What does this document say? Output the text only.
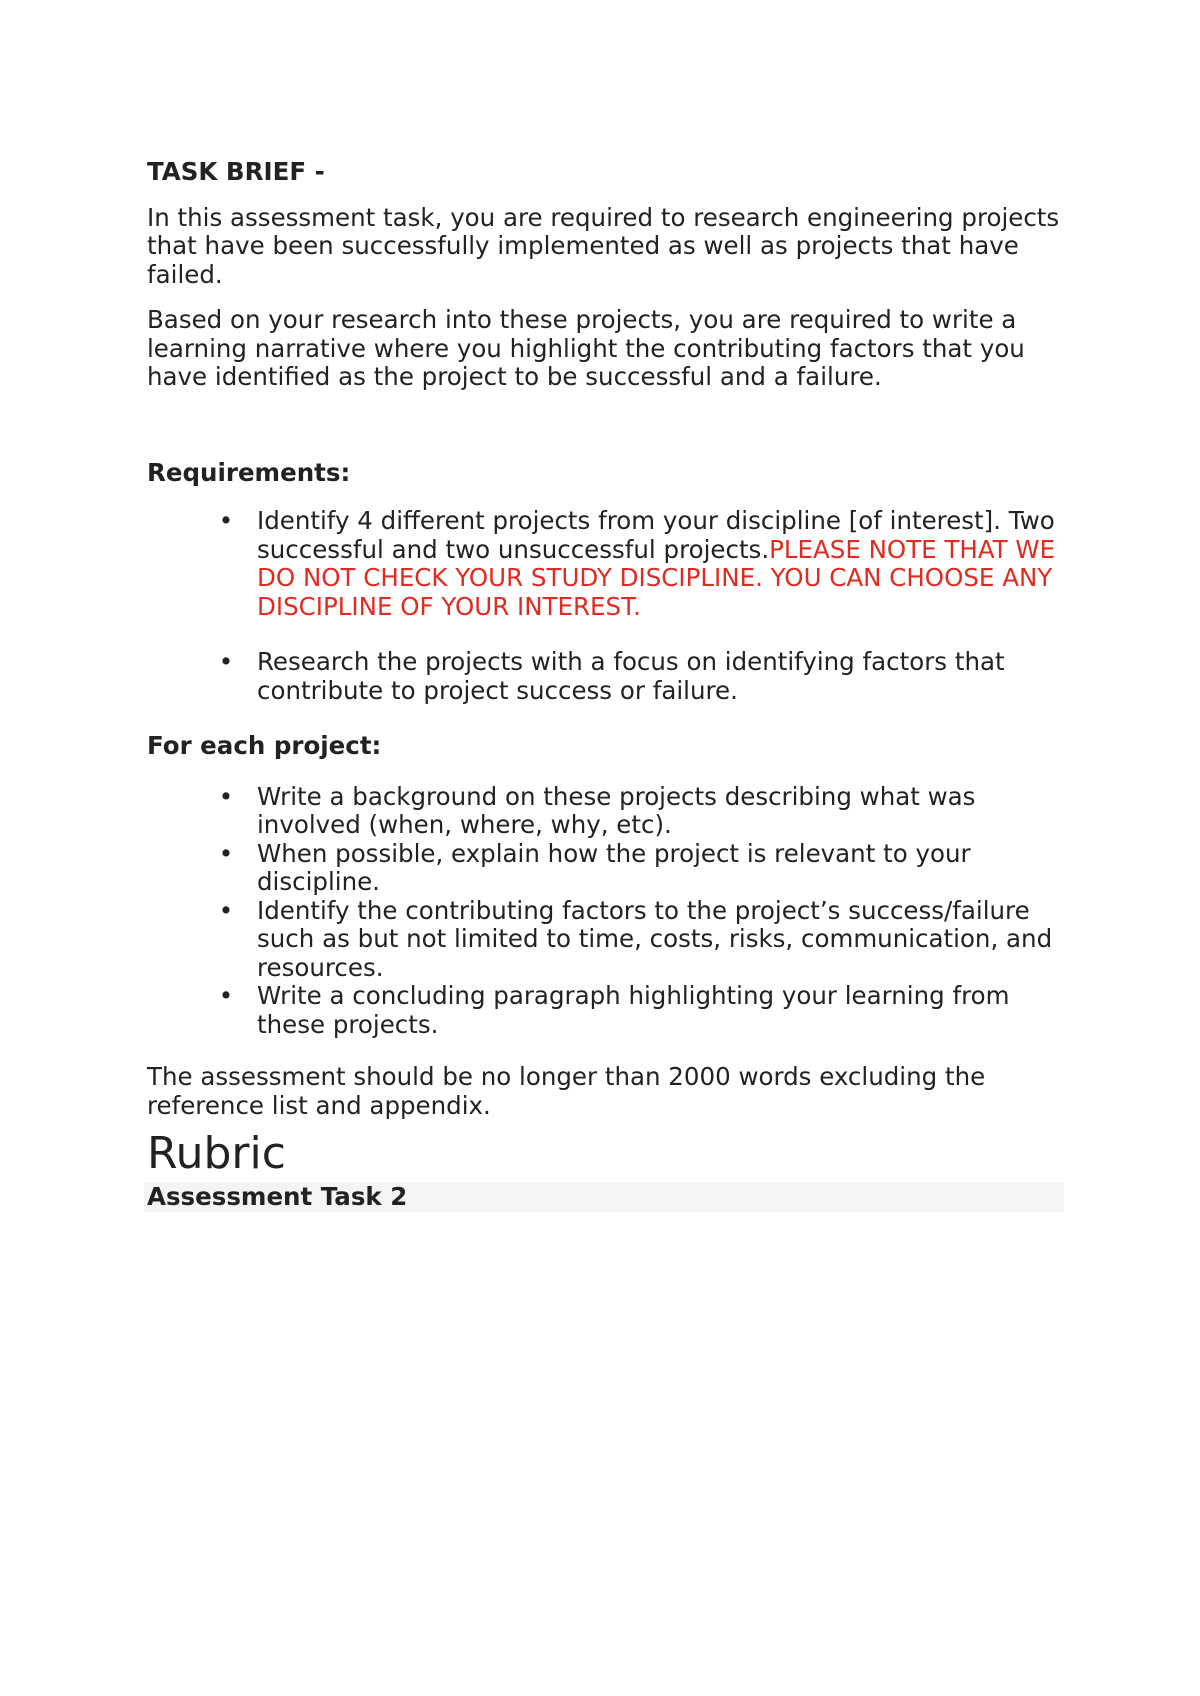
TASK BRIEF -

In this assessment task, you are required to research engineering projects that have been successfully implemented as well as projects that have failed.

Based on your research into these projects, you are required to write a learning narrative where you highlight the contributing factors that you have identified as the project to be successful and a failure.

Requirements:
• Identify 4 different projects from your discipline [of interest]. Two successful and two unsuccessful projects.PLEASE NOTE THAT WE DO NOT CHECK YOUR STUDY DISCIPLINE. YOU CAN CHOOSE ANY DISCIPLINE OF YOUR INTEREST.
• Research the projects with a focus on identifying factors that contribute to project success or failure.
For each project:
• Write a background on these projects describing what was involved (when, where, why, etc).
• When possible, explain how the project is relevant to your discipline.
• Identify the contributing factors to the project’s success/failure such as but not limited to time, costs, risks, communication, and resources.
• Write a concluding paragraph highlighting your learning from these projects.

The assessment should be no longer than 2000 words excluding the reference list and appendix.

Rubric
Assessment Task 2
